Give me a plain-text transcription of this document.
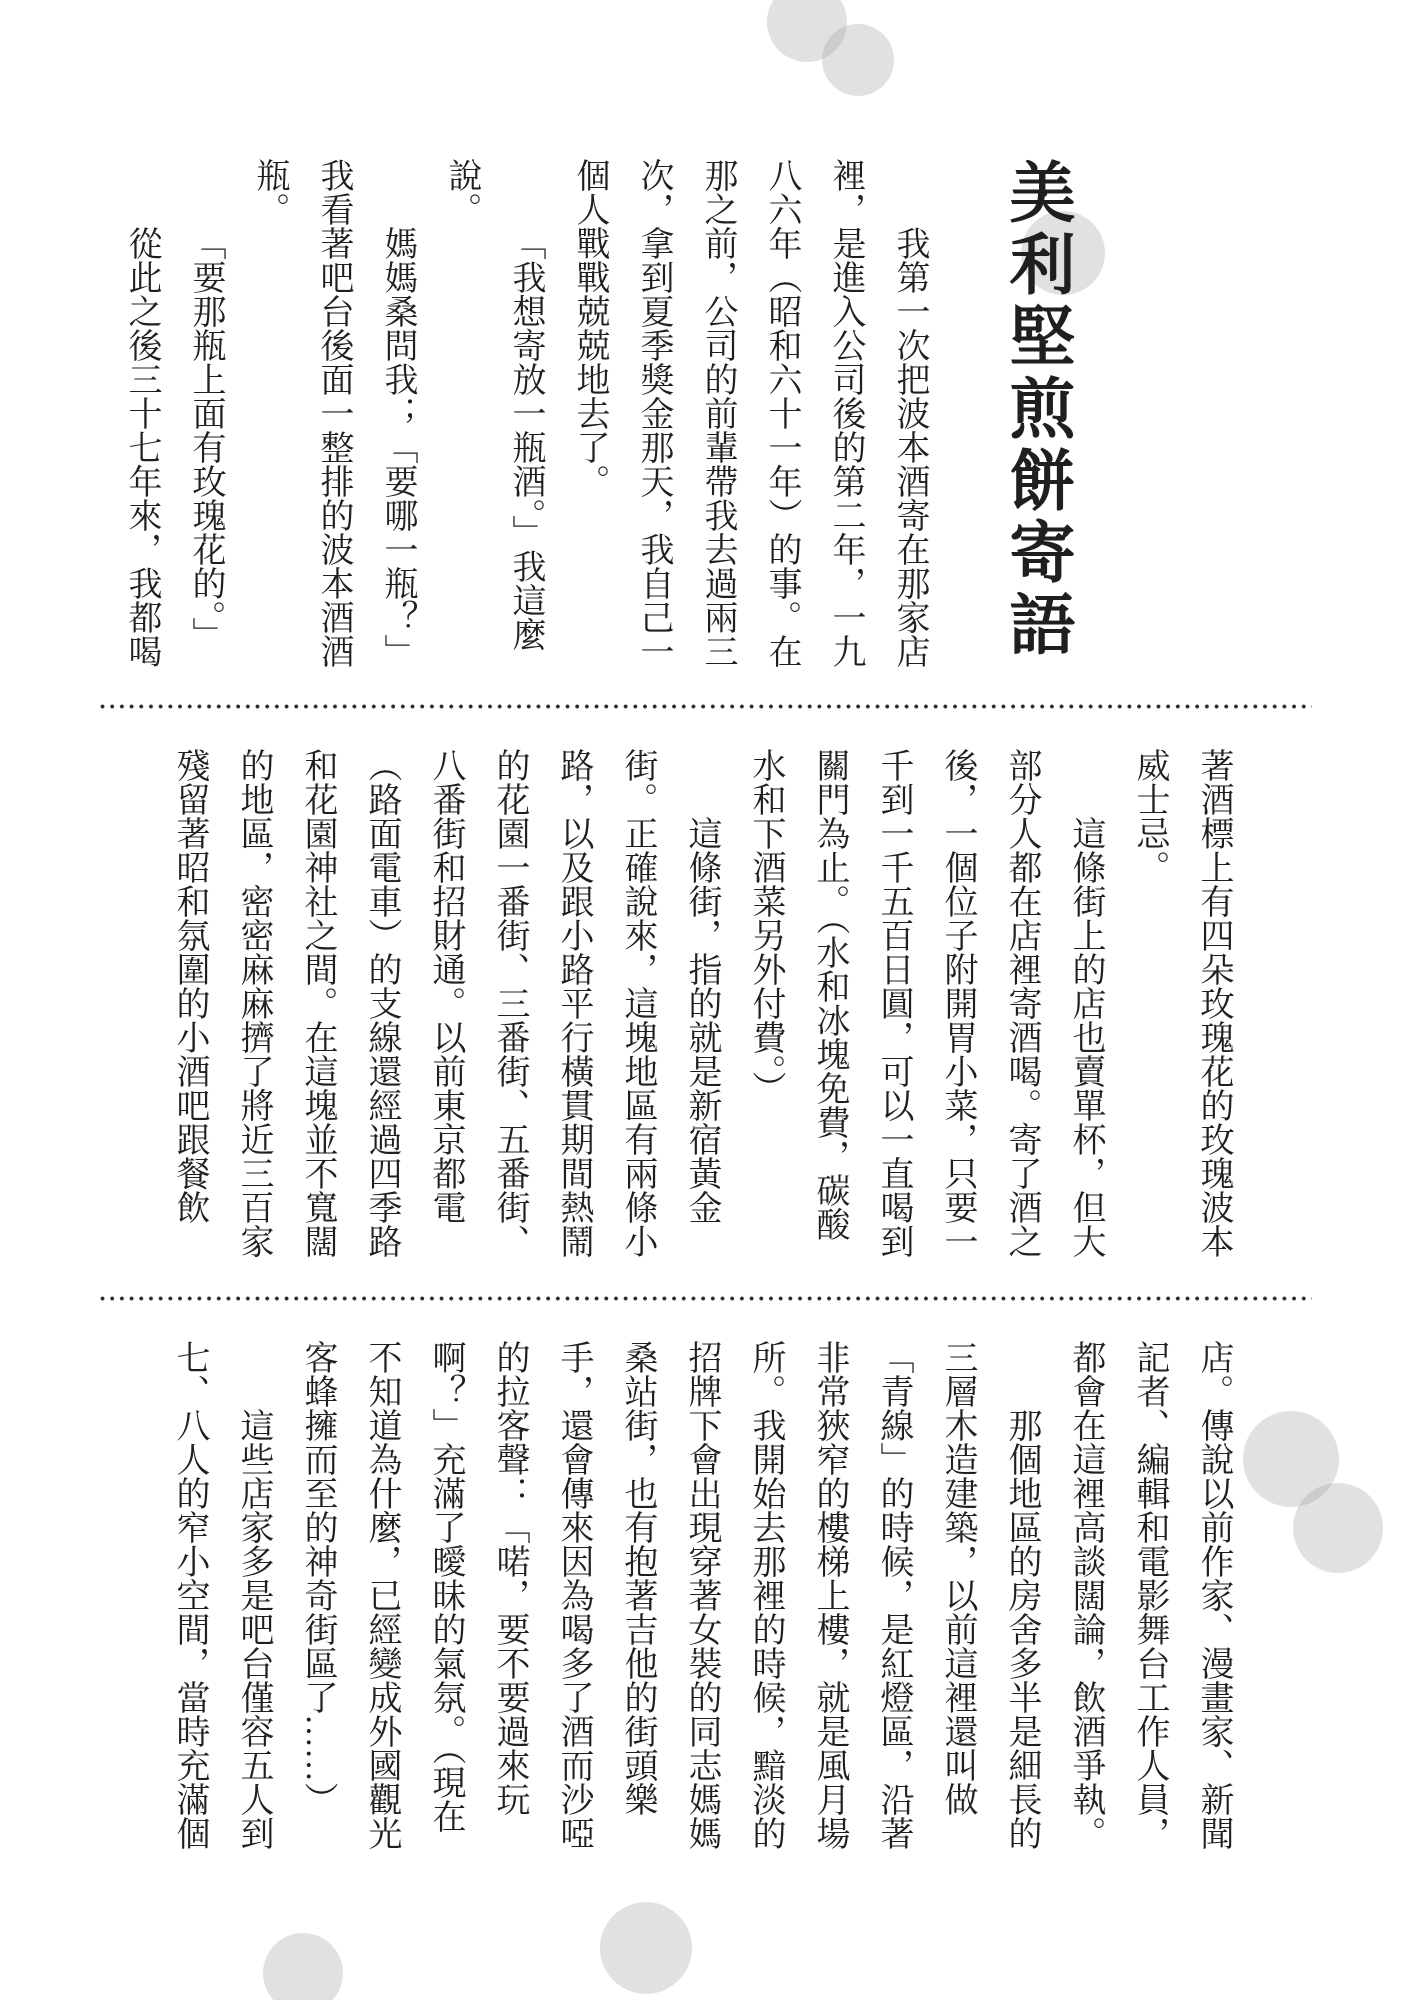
美利堅煎餅寄語

我第一次把波本酒寄在那家店裡，是進入公司後的第二年，一九八六年（昭和六十一年）的事。在那之前，公司的前輩帶我去過兩三次，拿到夏季獎金那天，我自己一個人戰戰兢兢地去了。

「我想寄放一瓶酒。」我這麼說。

媽媽桑問我；「要哪一瓶？」我看著吧台後面一整排的波本酒酒瓶。

「要那瓶上面有玫瑰花的。」

從此之後三十七年來，我都喝

著酒標上有四朵玫瑰花的玫瑰波本威士忌。

這條街上的店也賣單杯，但大部分人都在店裡寄酒喝。寄了酒之後，一個位子附開胃小菜，只要一千到一千五百日圓，可以一直喝到關門為止。（水和冰塊免費，碳酸水和下酒菜另外付費。）

這條街，指的就是新宿黃金街。正確說來，這塊地區有兩條小路，以及跟小路平行橫貫期間熱鬧的花園一番街、三番街、五番街、八番街和招財通。以前東京都電（路面電車）的支線還經過四季路和花園神社之間。在這塊並不寬闊的地區，密密麻麻擠了將近三百家殘留著昭和氛圍的小酒吧跟餐飲

店。傳說以前作家、漫畫家、新聞記者、編輯和電影舞台工作人員，都會在這裡高談闊論，飲酒爭執。

那個地區的房舍多半是細長的三層木造建築，以前這裡還叫做「青線」的時候，是紅燈區，沿著非常狹窄的樓梯上樓，就是風月場所。我開始去那裡的時候，黯淡的招牌下會出現穿著女裝的同志媽媽桑站街，也有抱著吉他的街頭樂手，還會傳來因為喝多了酒而沙啞的拉客聲：「喏，要不要過來玩啊？」充滿了曖昧的氣氛。（現在不知道為什麼，已經變成外國觀光客蜂擁而至的神奇街區了……）

這些店家多是吧台僅容五人到七、八人的窄小空間，當時充滿個
